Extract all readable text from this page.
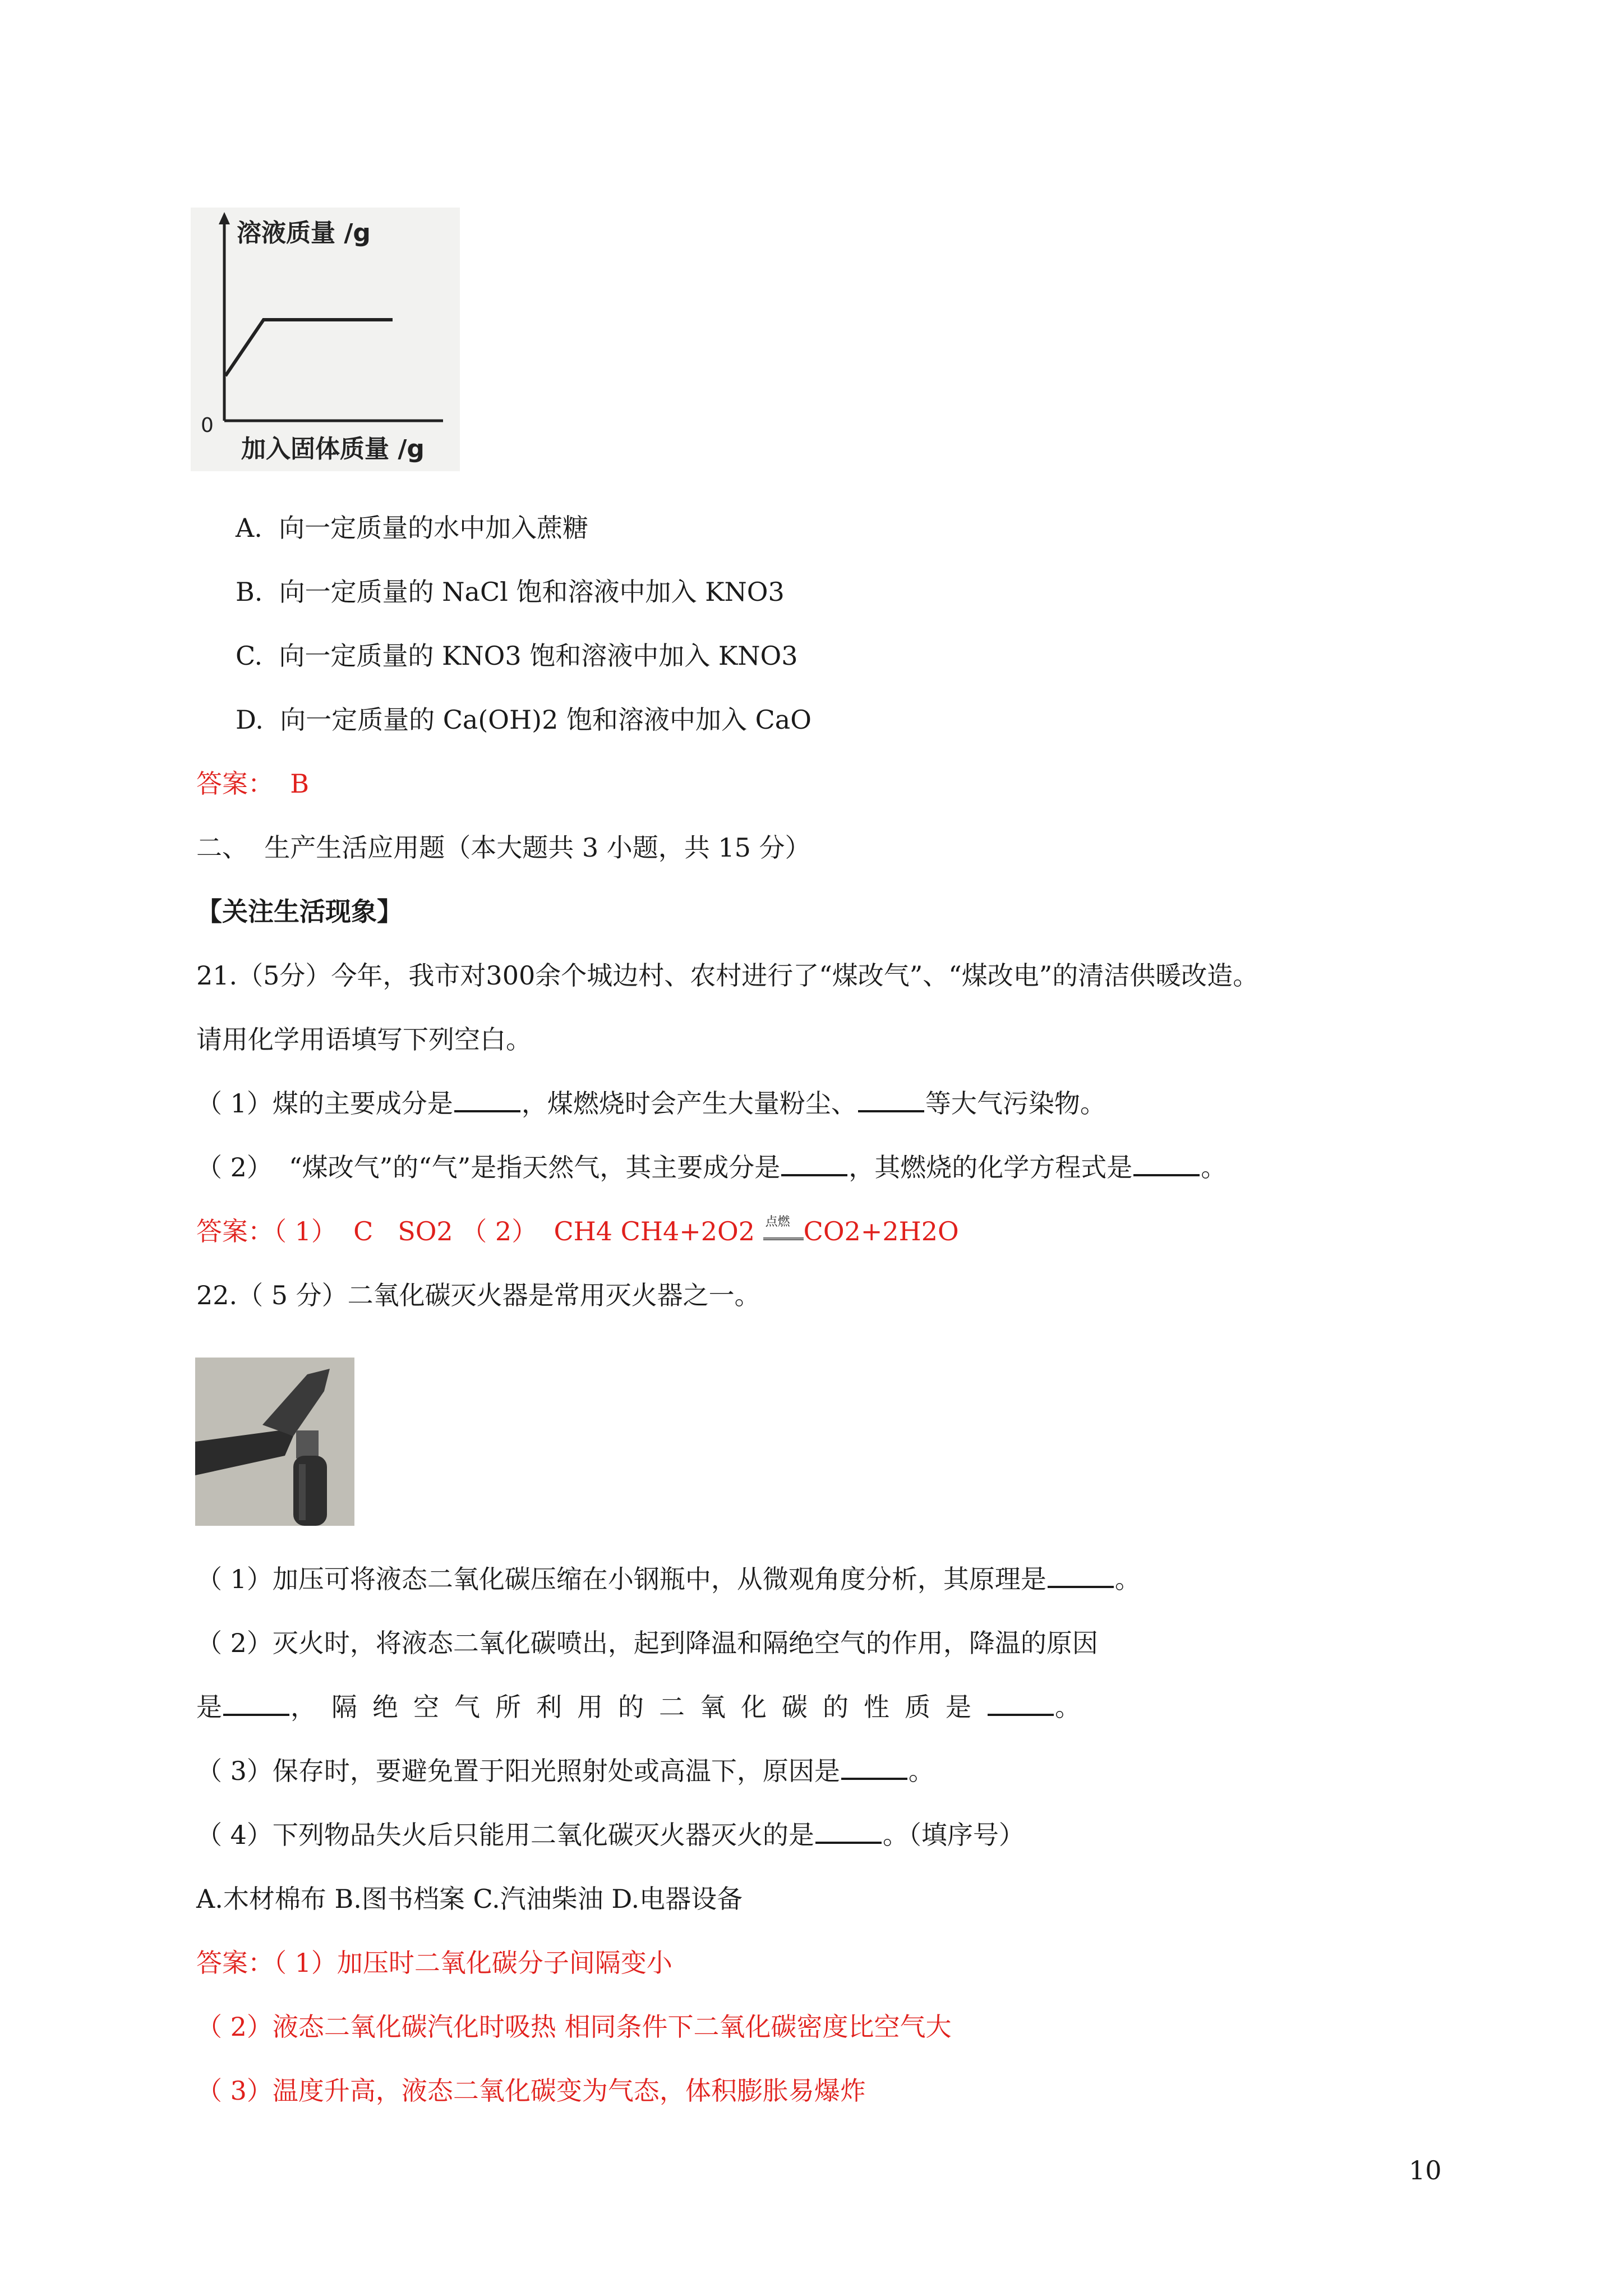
溶液质量 /g
加入固体质量 /g
0
A.  向一定质量的水中加入蔗糖
B.  向一定质量的 NaCl 饱和溶液中加入 KNO3
C.  向一定质量的 KNO3 饱和溶液中加入 KNO3
D.  向一定质量的 Ca(OH)2 饱和溶液中加入 CaO
答案：  B
二、  生产生活应用题（本大题共 3 小题，共 15 分）
【关注生活现象】
21.（5分）今年，我市对300余个城边村、农村进行了“煤改气”、“煤改电”的清洁供暖改造。
请用化学用语填写下列空白。
（ 1）煤的主要成分是	，煤燃烧时会产生大量粉尘、	等大气污染物。
（ 2）  “煤改气”的“气”是指天然气，其主要成分是	，其燃烧的化学方程式是	。
答案：（ 1）  C   SO2 （ 2）  CH4 CH4+2O2 点燃 CO2+2H2O
22.（ 5 分）二氧化碳灭火器是常用灭火器之一。
（ 1）加压可将液态二氧化碳压缩在小钢瓶中，从微观角度分析，其原理是	。
（ 2）灭火时，将液态二氧化碳喷出，起到降温和隔绝空气的作用，降温的原因
是	，隔绝空气所利用的二氧化碳的性质是	。
（ 3）保存时，要避免置于阳光照射处或高温下，原因是	。
（ 4）下列物品失火后只能用二氧化碳灭火器灭火的是	。（填序号）
A.木材棉布 B.图书档案 C.汽油柴油 D.电器设备
答案：（ 1）加压时二氧化碳分子间隔变小
（ 2）液态二氧化碳汽化时吸热 相同条件下二氧化碳密度比空气大
（ 3）温度升高，液态二氧化碳变为气态，体积膨胀易爆炸
10
